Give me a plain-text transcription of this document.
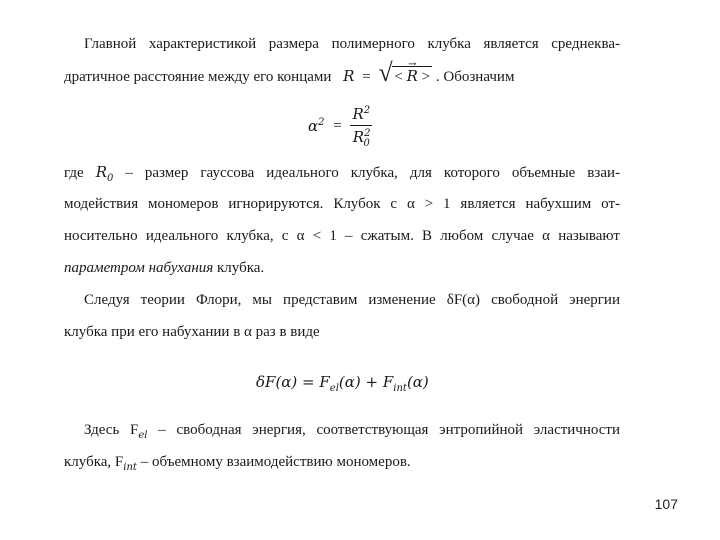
Главной характеристикой размера полимерного клубка является среднеква-
дратичное расстояние между его концами R = √ <
→
R > . Обозначим
$\alpha^2 = \frac{R^2}{R^2_0}$
где $R_0$ – размер гауссова идеального клубка, для которого объемные взаи-
модействия мономеров игнорируются. Клубок с α > 1 является набухшим от-
носительно идеального клубка, с α < 1 – сжатым. В любом случае α называют
параметром набухания клубка.
Следуя теории Флори, мы представим изменение δF(α) свободной энергии
клубка при его набухании в α раз в виде
$\delta F(\alpha) = F_{el}(\alpha) + F_{int}(\alpha)$
Здесь $F_{el}$ – свободная энергия, соответствующая энтропийной эластичности
клубка, $F_{int}$ – объемному взаимодействию мономеров.
107
